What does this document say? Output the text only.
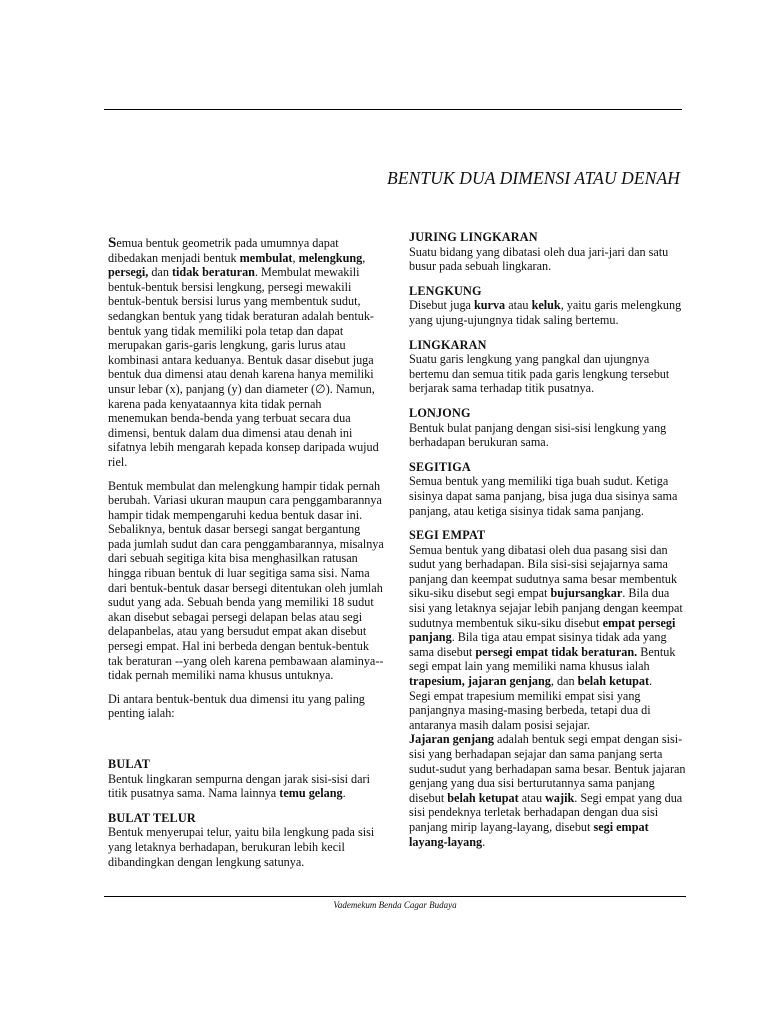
BENTUK DUA DIMENSI ATAU DENAH

Semua bentuk geometrik pada umumnya dapat dibedakan menjadi bentuk membulat, melengkung, persegi, dan tidak beraturan. Membulat mewakili bentuk-bentuk bersisi lengkung, persegi mewakili bentuk-bentuk bersisi lurus yang membentuk sudut, sedangkan bentuk yang tidak beraturan adalah bentuk-bentuk yang tidak memiliki pola tetap dan dapat merupakan garis-garis lengkung, garis lurus atau kombinasi antara keduanya. Bentuk dasar disebut juga bentuk dua dimensi atau denah karena hanya memiliki unsur lebar (x), panjang (y) dan diameter (∅). Namun, karena pada kenyataannya kita tidak pernah menemukan benda-benda yang terbuat secara dua dimensi, bentuk dalam dua dimensi atau denah ini sifatnya lebih mengarah kepada konsep daripada wujud riel.

Bentuk membulat dan melengkung hampir tidak pernah berubah. Variasi ukuran maupun cara penggambarannya hampir tidak mempengaruhi kedua bentuk dasar ini. Sebaliknya, bentuk dasar bersegi sangat bergantung pada jumlah sudut dan cara penggambarannya, misalnya dari sebuah segitiga kita bisa menghasilkan ratusan hingga ribuan bentuk di luar segitiga sama sisi. Nama dari bentuk-bentuk dasar bersegi ditentukan oleh jumlah sudut yang ada. Sebuah benda yang memiliki 18 sudut akan disebut sebagai persegi delapan belas atau segi delapanbelas, atau yang bersudut empat akan disebut persegi empat. Hal ini berbeda dengan bentuk-bentuk tak beraturan --yang oleh karena pembawaan alaminya-- tidak pernah memiliki nama khusus untuknya.

Di antara bentuk-bentuk dua dimensi itu yang paling penting ialah:

BULAT

Bentuk lingkaran sempurna dengan jarak sisi-sisi dari titik pusatnya sama. Nama lainnya temu gelang.

BULAT TELUR

Bentuk menyerupai telur, yaitu bila lengkung pada sisi yang letaknya berhadapan, berukuran lebih kecil dibandingkan dengan lengkung satunya.

JURING LINGKARAN

Suatu bidang yang dibatasi oleh dua jari-jari dan satu busur pada sebuah lingkaran.

LENGKUNG

Disebut juga kurva atau keluk, yaitu garis melengkung yang ujung-ujungnya tidak saling bertemu.

LINGKARAN

Suatu garis lengkung yang pangkal dan ujungnya bertemu dan semua titik pada garis lengkung tersebut berjarak sama terhadap titik pusatnya.

LONJONG

Bentuk bulat panjang dengan sisi-sisi lengkung yang berhadapan berukuran sama.

SEGITIGA

Semua bentuk yang memiliki tiga buah sudut. Ketiga sisinya dapat sama panjang, bisa juga dua sisinya sama panjang, atau ketiga sisinya tidak sama panjang.

SEGI EMPAT

Semua bentuk yang dibatasi oleh dua pasang sisi dan sudut yang berhadapan. Bila sisi-sisi sejajarnya sama panjang dan keempat sudutnya sama besar membentuk siku-siku disebut segi empat bujursangkar. Bila dua sisi yang letaknya sejajar lebih panjang dengan keempat sudutnya membentuk siku-siku disebut empat persegi panjang. Bila tiga atau empat sisinya tidak ada yang sama disebut persegi empat tidak beraturan. Bentuk segi empat lain yang memiliki nama khusus ialah trapesium, jajaran genjang, dan belah ketupat.
Segi empat trapesium memiliki empat sisi yang panjangnya masing-masing berbeda, tetapi dua di antaranya masih dalam posisi sejajar.
Jajaran genjang adalah bentuk segi empat dengan sisi-sisi yang berhadapan sejajar dan sama panjang serta sudut-sudut yang berhadapan sama besar. Bentuk jajaran genjang yang dua sisi berturutannya sama panjang disebut belah ketupat atau wajik. Segi empat yang dua sisi pendeknya terletak berhadapan dengan dua sisi panjang mirip layang-layang, disebut segi empat layang-layang.

Vademekum Benda Cagar Budaya
